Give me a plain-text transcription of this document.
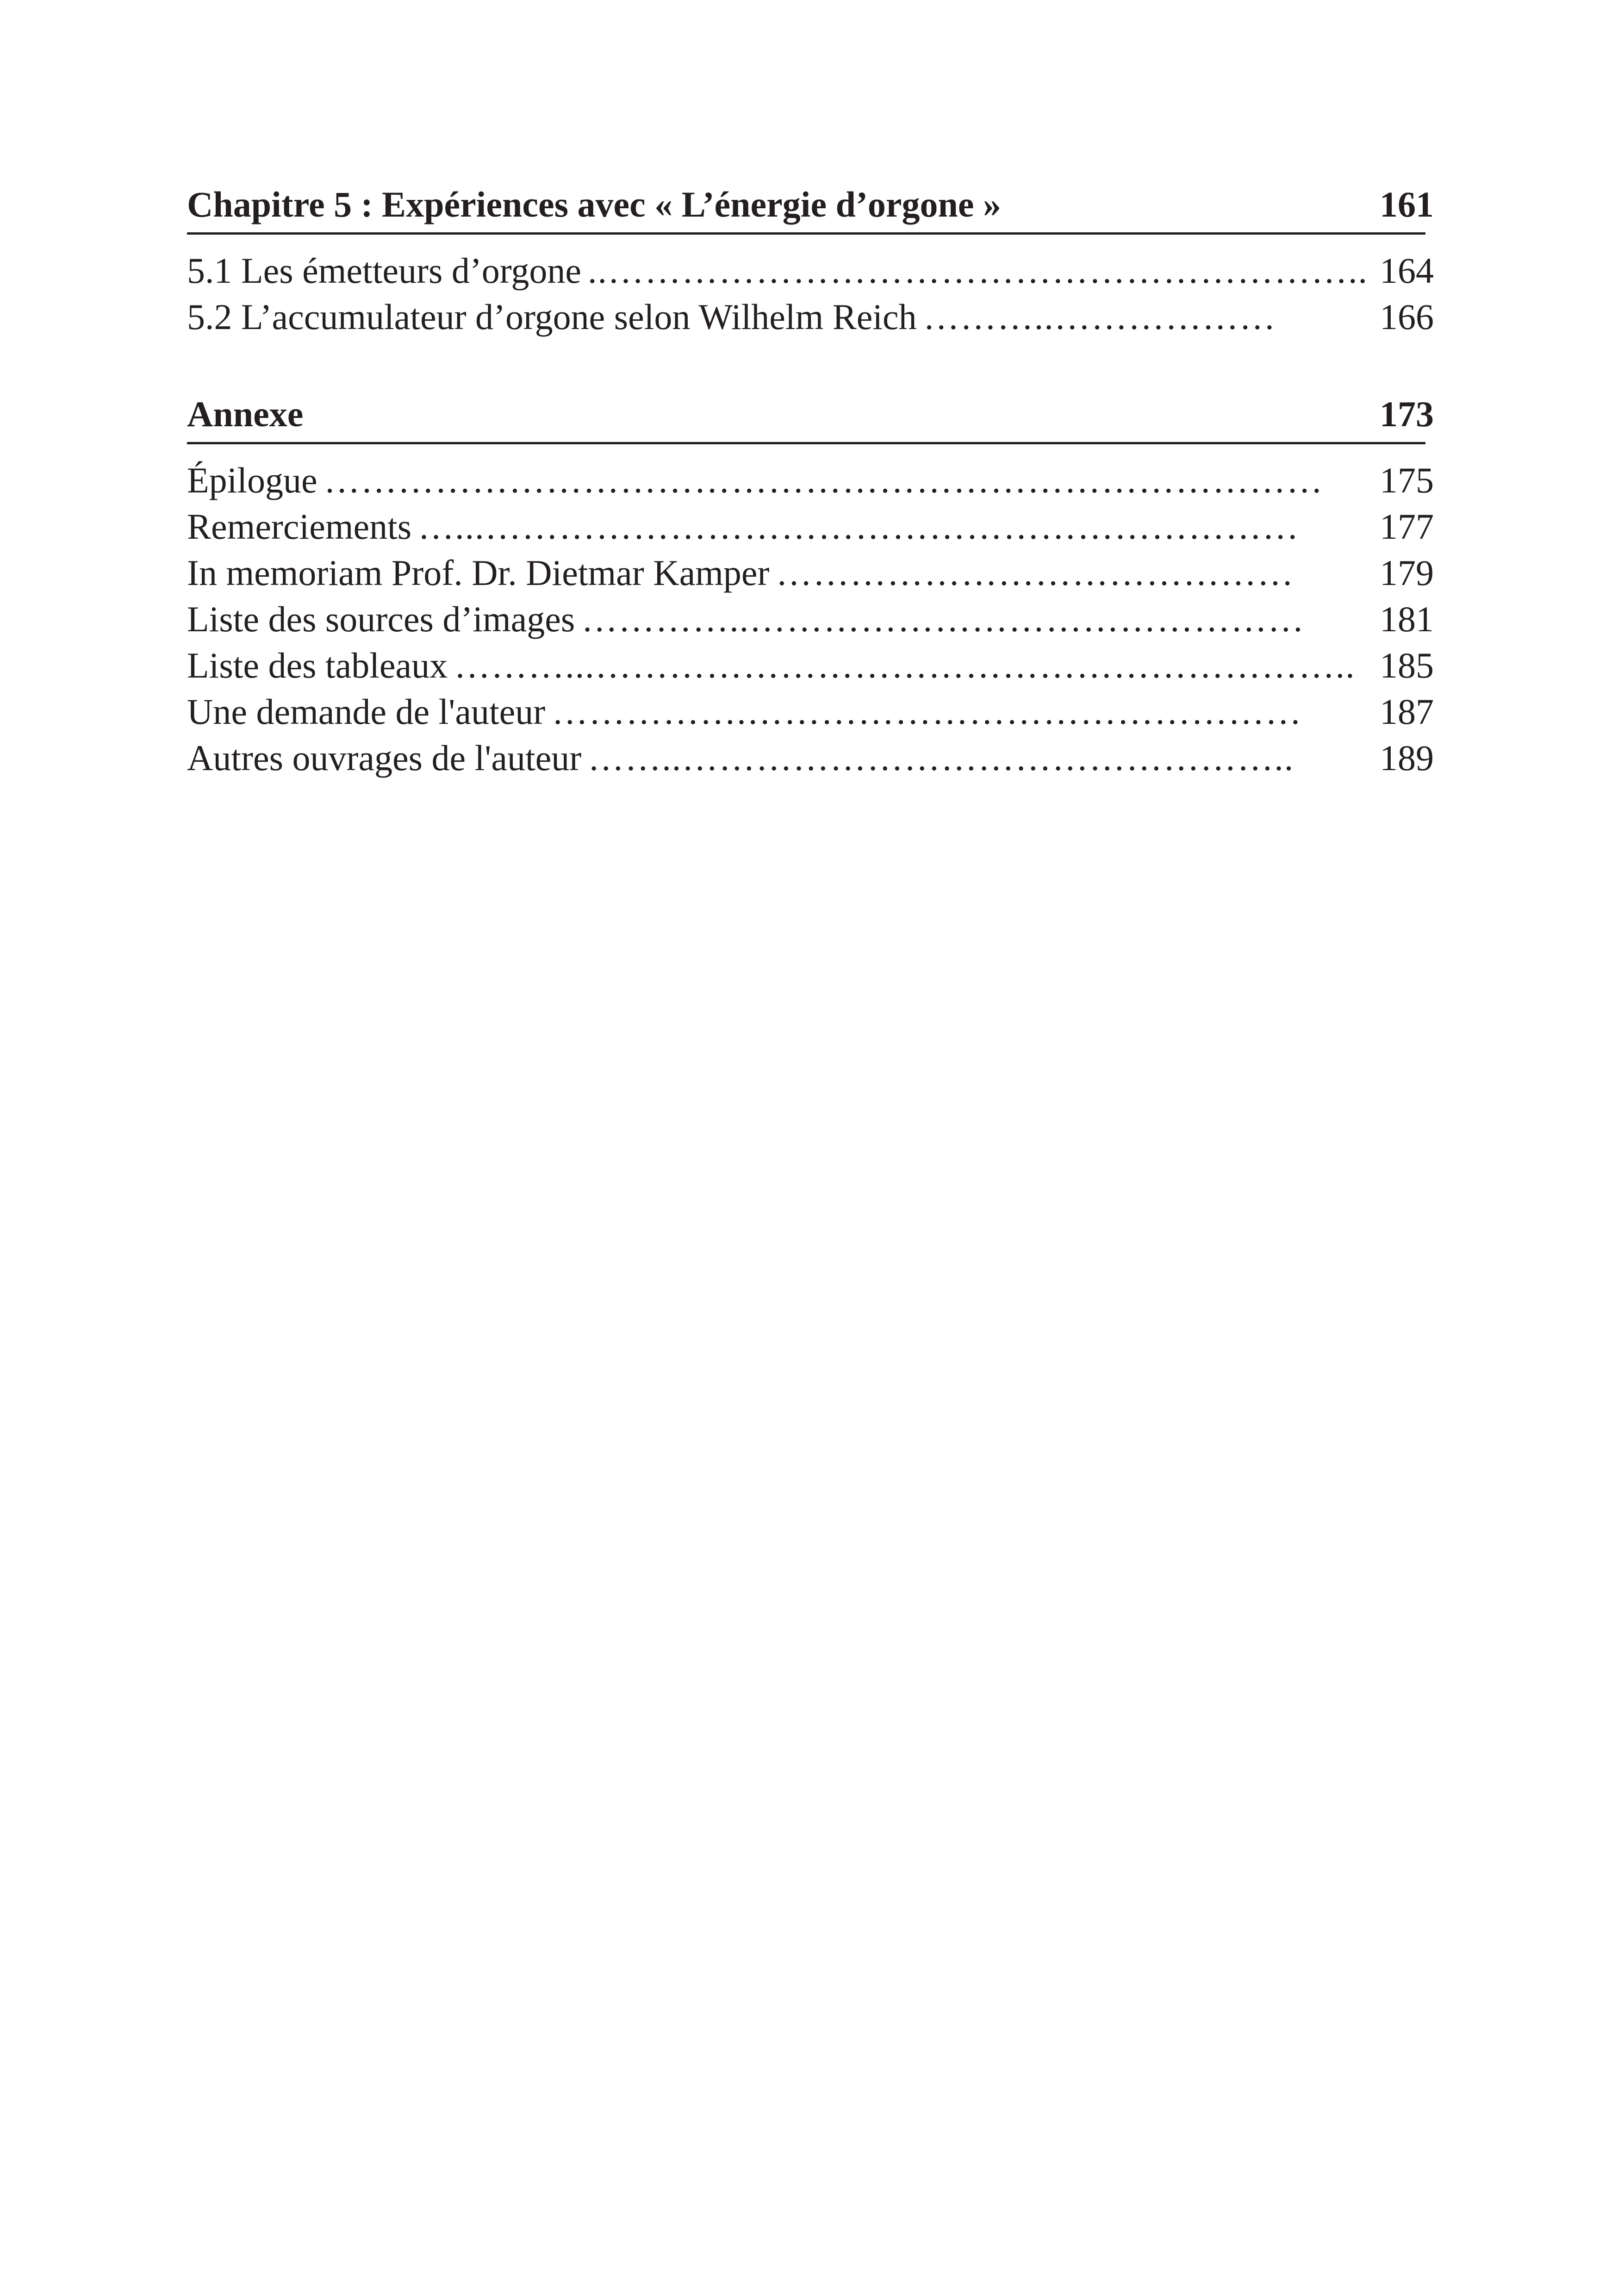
Chapitre 5 : Expériences avec « L’énergie d’orgone »	161
5.1 Les émetteurs d’orgone ..…………………………………………………….. 164
5.2 L’accumulateur d’orgone selon Wilhelm Reich ………..………………	166
Annexe	173
Épilogue ………………………………………………………………………	175
Remerciements …...…………………………………………………………	177
In memoriam Prof. Dr. Dietmar Kamper ……………………………………	179
Liste des sources d’images …………..………………………………………	181
Liste des tableaux ………...…………………………………………………….. 185
Une demande de l'auteur …………….………………………………………	187
Autres ouvrages de l'auteur ……..…………………………………………..	189
